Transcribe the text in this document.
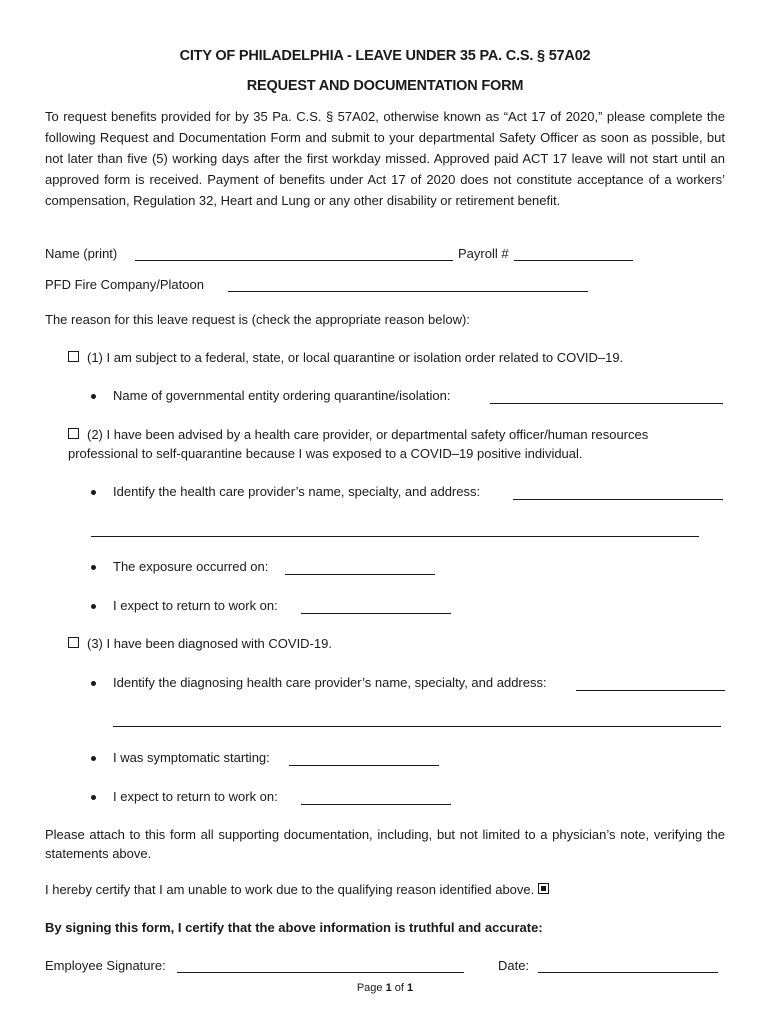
CITY OF PHILADELPHIA - LEAVE UNDER 35 PA. C.S. § 57A02
REQUEST AND DOCUMENTATION FORM
To request benefits provided for by 35 Pa. C.S. § 57A02, otherwise known as “Act 17 of 2020,” please complete the following Request and Documentation Form and submit to your departmental Safety Officer as soon as possible, but not later than five (5) working days after the first workday missed. Approved paid ACT 17 leave will not start until an approved form is received. Payment of benefits under Act 17 of 2020 does not constitute acceptance of a workers’ compensation, Regulation 32, Heart and Lung or any other disability or retirement benefit.
Name (print)	Payroll #
PFD Fire Company/Platoon
The reason for this leave request is (check the appropriate reason below):
(1) I am subject to a federal, state, or local quarantine or isolation order related to COVID–19.
Name of governmental entity ordering quarantine/isolation:
(2) I have been advised by a health care provider, or departmental safety officer/human resources
professional to self-quarantine because I was exposed to a COVID–19 positive individual.
Identify the health care provider’s name, specialty, and address:
The exposure occurred on:
I expect to return to work on:
(3) I have been diagnosed with COVID-19.
Identify the diagnosing health care provider’s name, specialty, and address:
I was symptomatic starting:
I expect to return to work on:
Please attach to this form all supporting documentation, including, but not limited to a physician’s note, verifying the statements above.
I hereby certify that I am unable to work due to the qualifying reason identified above.
By signing this form, I certify that the above information is truthful and accurate:
Employee Signature:	Date:
Page 1 of 1
